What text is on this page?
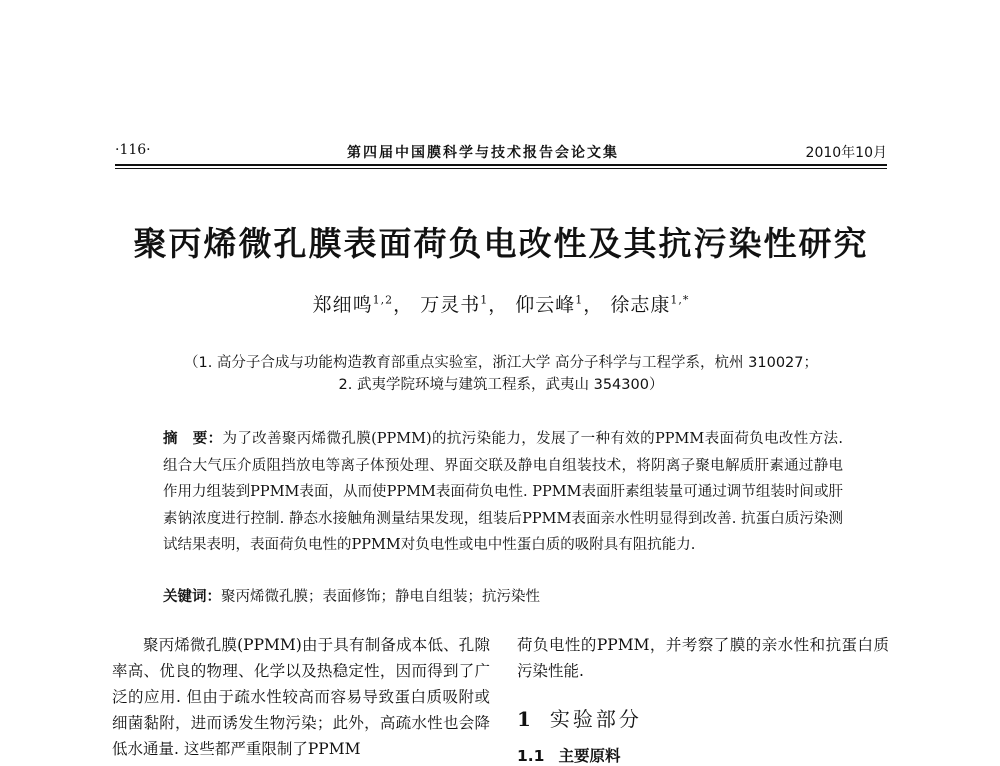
·116·	第四届中国膜科学与技术报告会论文集	2010年10月
聚丙烯微孔膜表面荷负电改性及其抗污染性研究
郑细鸣$^{1,2}$， 万灵书$^1$， 仰云峰$^1$， 徐志康$^{1,*}$
（1. 高分子合成与功能构造教育部重点实验室，浙江大学 高分子科学与工程学系，杭州 310027；
2. 武夷学院环境与建筑工程系，武夷山 354300）
摘　要：为了改善聚丙烯微孔膜(PPMM)的抗污染能力，发展了一种有效的PPMM表面荷负电改性方法. 组合大气压介质阻挡放电等离子体预处理、界面交联及静电自组装技术，将阴离子聚电解质肝素通过静电作用力组装到PPMM表面，从而使PPMM表面荷负电性. PPMM表面肝素组装量可通过调节组装时间或肝素钠浓度进行控制. 静态水接触角测量结果发现，组装后PPMM表面亲水性明显得到改善. 抗蛋白质污染测试结果表明，表面荷负电性的PPMM对负电性或电中性蛋白质的吸附具有阻抗能力.
关键词：聚丙烯微孔膜；表面修饰；静电自组装；抗污染性
聚丙烯微孔膜(PPMM)由于具有制备成本低、孔隙率高、优良的物理、化学以及热稳定性，因而得到了广泛的应用. 但由于疏水性较高而容易导致蛋白质吸附或细菌黏附，进而诱发生物污染；此外，高疏水性也会降低水通量. 这些都严重限制了PPMM
荷负电性的PPMM，并考察了膜的亲水性和抗蛋白质污染性能.
1 实验部分
1.1 主要原料
